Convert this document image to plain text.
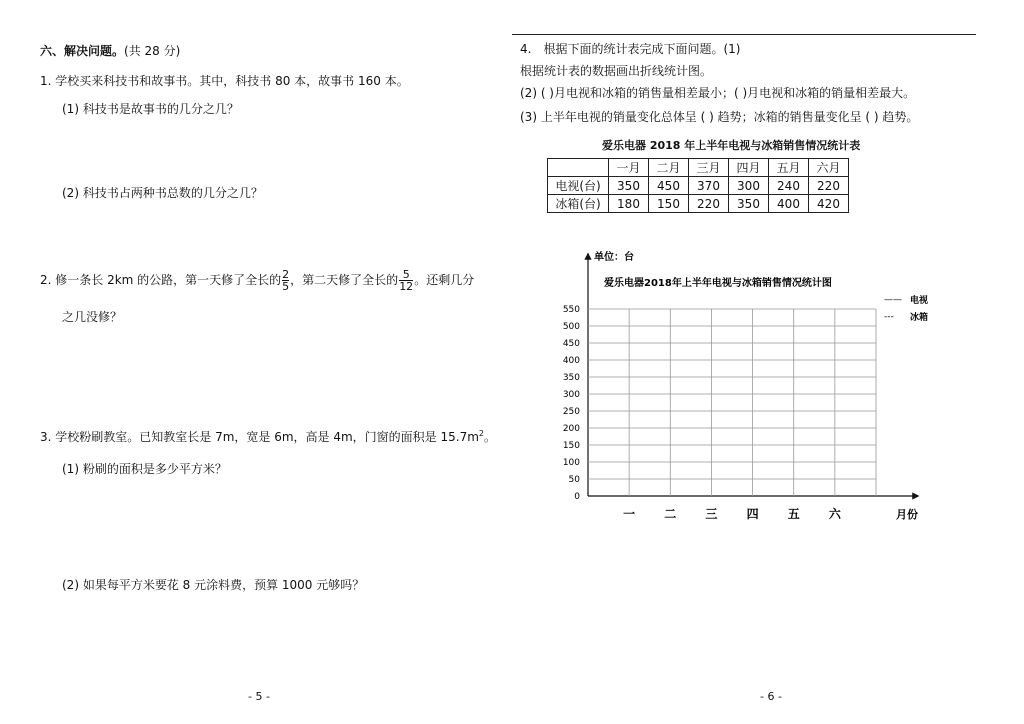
六、解决问题。(共 28 分)
1. 学校买来科技书和故事书。其中，科技书 80 本，故事书 160 本。
(1) 科技书是故事书的几分之几？
(2) 科技书占两种书总数的几分之几？
2. 修一条长 2km 的公路，第一天修了全长的 $\frac{2}{5}$ ，第二天修了全长的 $\frac{5}{12}$ 。还剩几分
之几没修？
3. 学校粉刷教室。已知教室长是 7m，宽是 6m，高是 4m，门窗的面积是 $15.7m^2$。
(1) 粉刷的面积是多少平方米？
(2) 如果每平方米要花 8 元涂料费，预算 1000 元够吗？
- 5 -
4.　根据下面的统计表完成下面问题。(1)
根据统计表的数据画出折线统计图。
(2) ( )月电视和冰箱的销售量相差最小；( )月电视和冰箱的销量相差最大。
(3) 上半年电视的销量变化总体呈 ( ) 趋势；冰箱的销售量变化呈 ( ) 趋势。
爱乐电器 2018 年上半年电视与冰箱销售情况统计表
	一月	二月	三月	四月	五月	六月
电视(台)	350	450	370	300	240	220
冰箱(台)	180	150	220	350	400	420
单位：台
爱乐电器2018年上半年电视与冰箱销售情况统计图
月份
—— 电视
--- 冰箱
550
500
450
400
350
300
250
200
150
100
50
0
一 二 三 四 五 六
- 6 -
